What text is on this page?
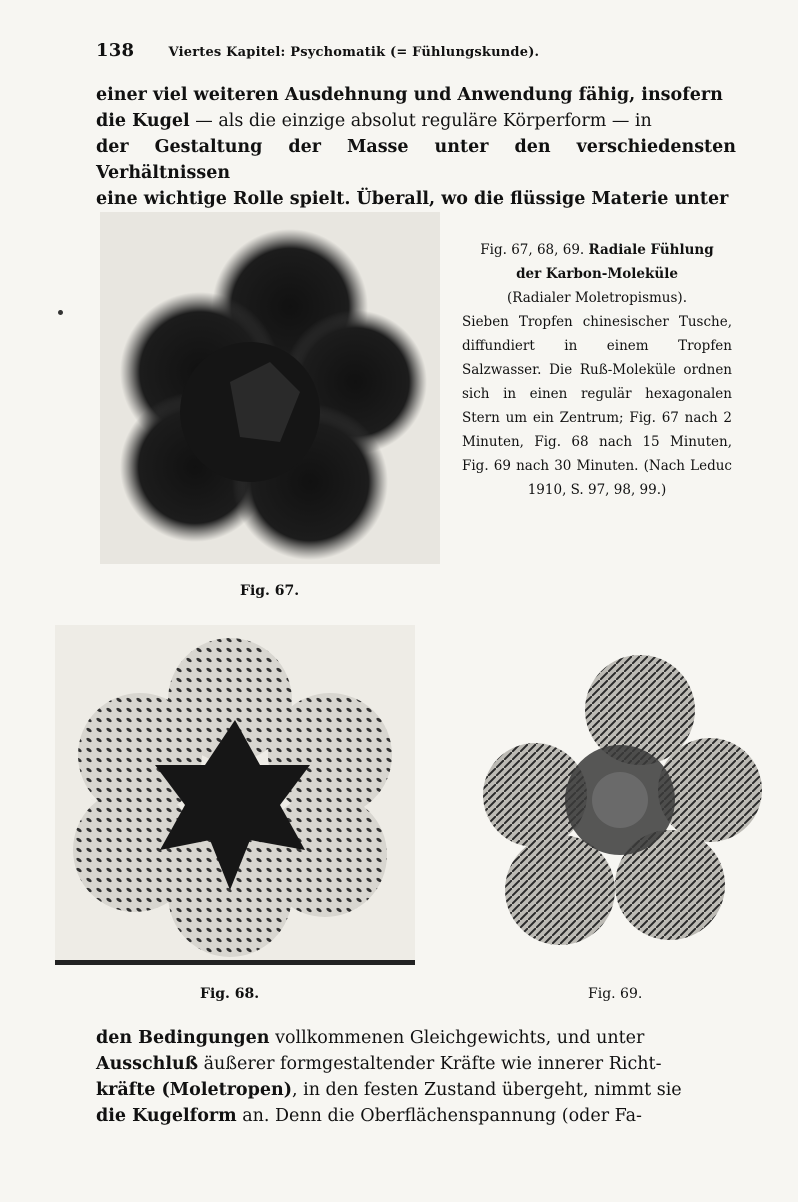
138	Viertes Kapitel: Psychomatik (= Fühlungskunde).
einer viel weiteren Ausdehnung und Anwendung fähig, insofern
die Kugel — als die einzige absolut reguläre Körperform — in
der Gestaltung der Masse unter den verschiedensten Verhältnissen
eine wichtige Rolle spielt. Überall, wo die flüssige Materie unter
Fig. 67, 68, 69. Radiale Fühlung
der Karbon-Moleküle
(Radialer Moletropismus).
Sieben Tropfen chinesischer Tusche, diffundiert in einem Tropfen Salzwasser. Die Ruß-Moleküle ordnen sich in einen regulär hexagonalen Stern um ein Zentrum; Fig. 67 nach 2 Minuten, Fig. 68 nach 15 Minuten, Fig. 69 nach 30 Minuten. (Nach Leduc 1910, S. 97, 98, 99.)
Fig. 67.
Fig. 68.	Fig. 69.
den Bedingungen vollkommenen Gleichgewichts, und unter
Ausschluß äußerer formgestaltender Kräfte wie innerer Richt-
kräfte (Moletropen), in den festen Zustand übergeht, nimmt sie
die Kugelform an. Denn die Oberflächenspannung (oder Fa-
